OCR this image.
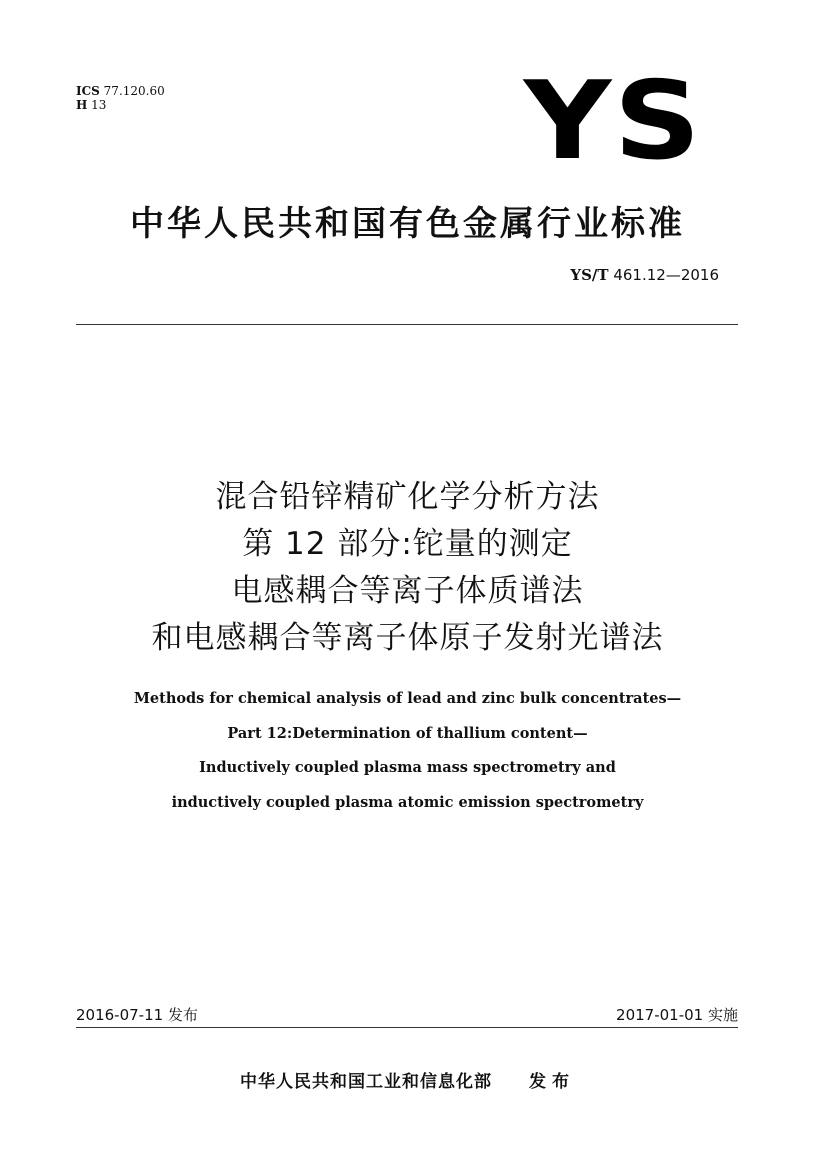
ICS 77.120.60
H 13	YS
中华人民共和国有色金属行业标准
YS/T 461.12—2016
混合铅锌精矿化学分析方法
第 12 部分:铊量的测定
电感耦合等离子体质谱法
和电感耦合等离子体原子发射光谱法
Methods for chemical analysis of lead and zinc bulk concentrates—
Part 12:Determination of thallium content—
Inductively coupled plasma mass spectrometry and
inductively coupled plasma atomic emission spectrometry
2016-07-11 发布	2017-01-01 实施
中华人民共和国工业和信息化部 发布
